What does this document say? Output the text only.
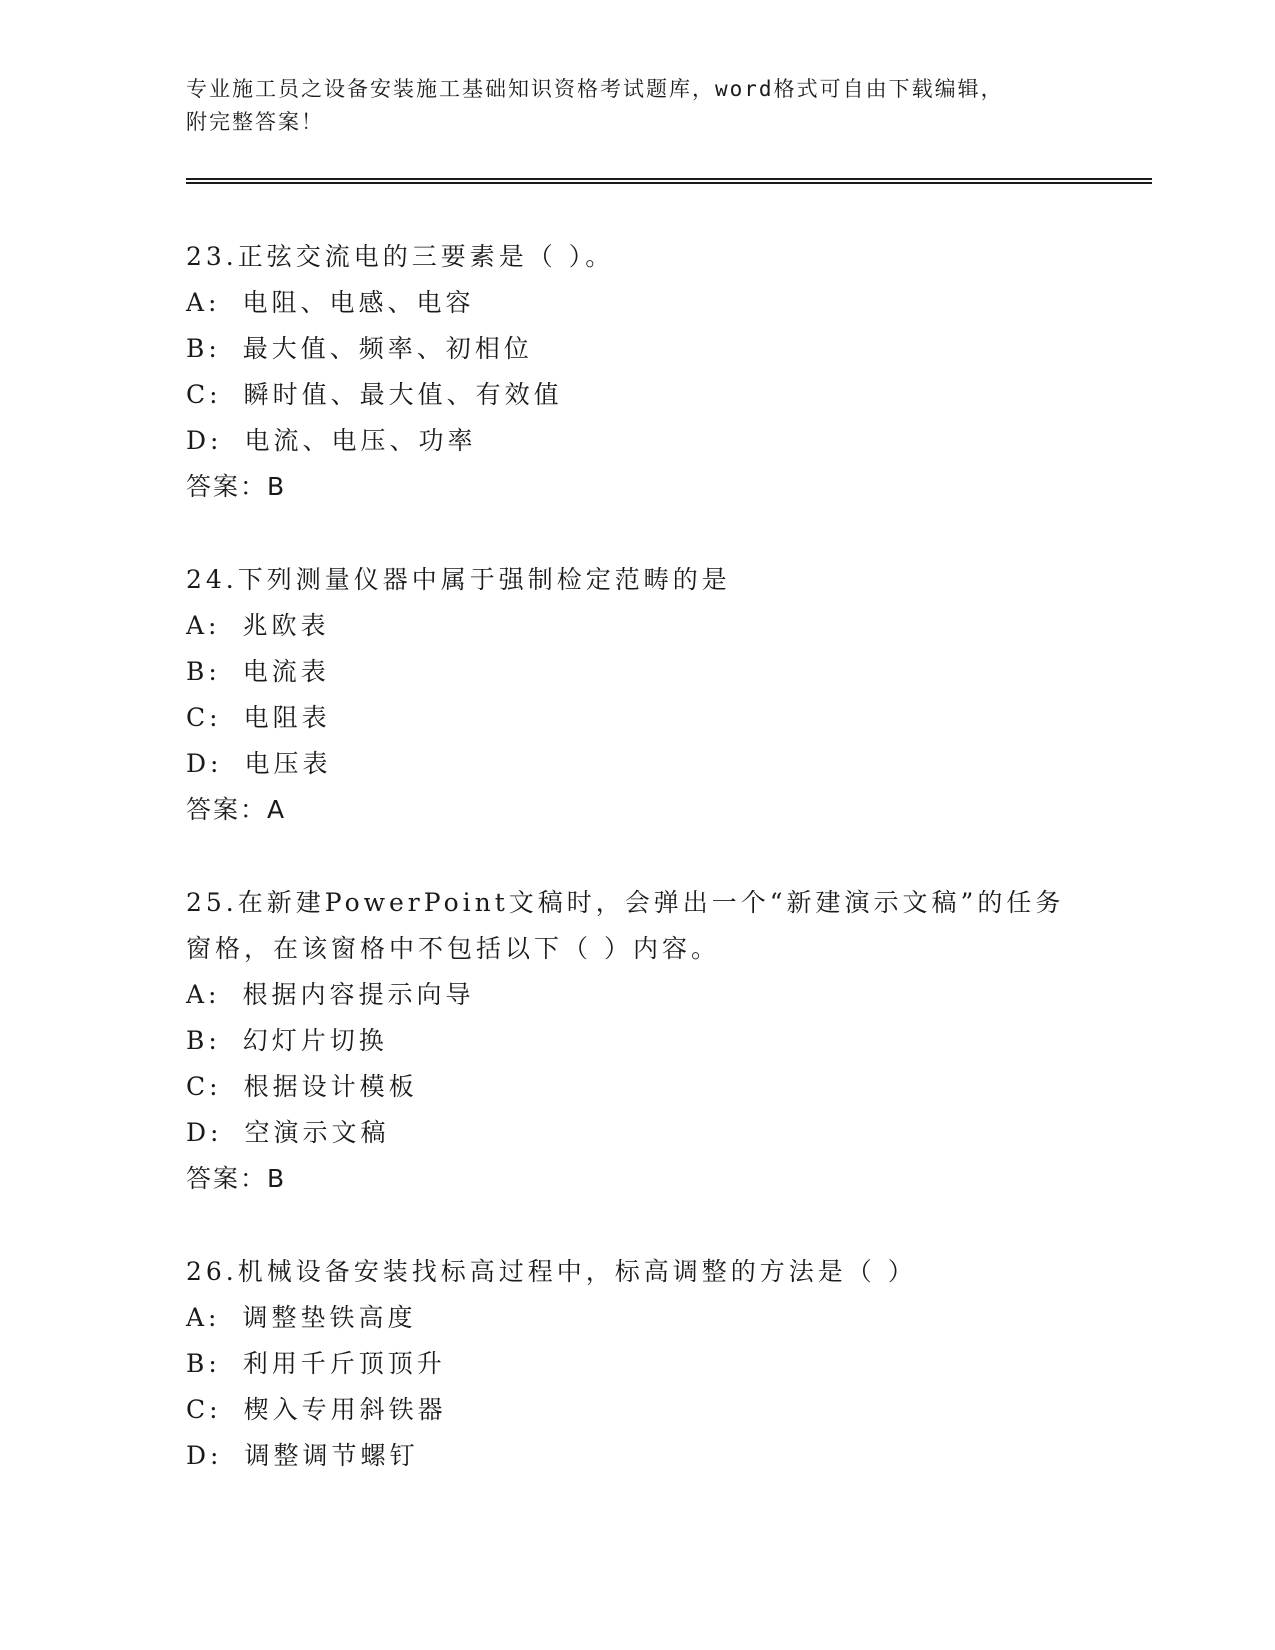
专业施工员之设备安装施工基础知识资格考试题库，word格式可自由下载编辑，
附完整答案！
23.正弦交流电的三要素是（ ）。
A: 电阻、电感、电容
B: 最大值、频率、初相位
C: 瞬时值、最大值、有效值
D: 电流、电压、功率
答案：B
24.下列测量仪器中属于强制检定范畴的是
A: 兆欧表
B: 电流表
C: 电阻表
D: 电压表
答案：A
25.在新建PowerPoint文稿时，会弹出一个“新建演示文稿”的任务
窗格，在该窗格中不包括以下（ ）内容。
A: 根据内容提示向导
B: 幻灯片切换
C: 根据设计模板
D: 空演示文稿
答案：B
26.机械设备安装找标高过程中，标高调整的方法是（ ）
A: 调整垫铁高度
B: 利用千斤顶顶升
C: 楔入专用斜铁器
D: 调整调节螺钉
